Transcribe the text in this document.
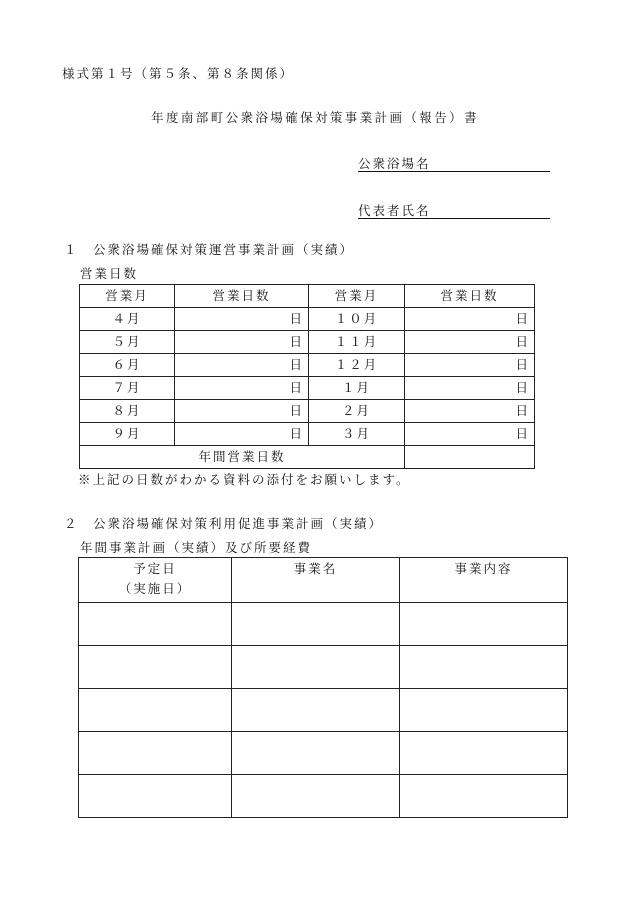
様式第１号（第５条、第８条関係）
年度南部町公衆浴場確保対策事業計画（報告）書
公衆浴場名
代表者氏名
１　公衆浴場確保対策運営事業計画（実績）
営業日数
営業月	営業日数	営業月	営業日数
４月	日	１０月	日
５月	日	１１月	日
６月	日	１２月	日
７月	日	１月	日
８月	日	２月	日
９月	日	３月	日
年間営業日数			
※上記の日数がわかる資料の添付をお願いします。
２　公衆浴場確保対策利用促進事業計画（実績）
年間事業計画（実績）及び所要経費
予定日
（実施日）	事業名	事業内容
